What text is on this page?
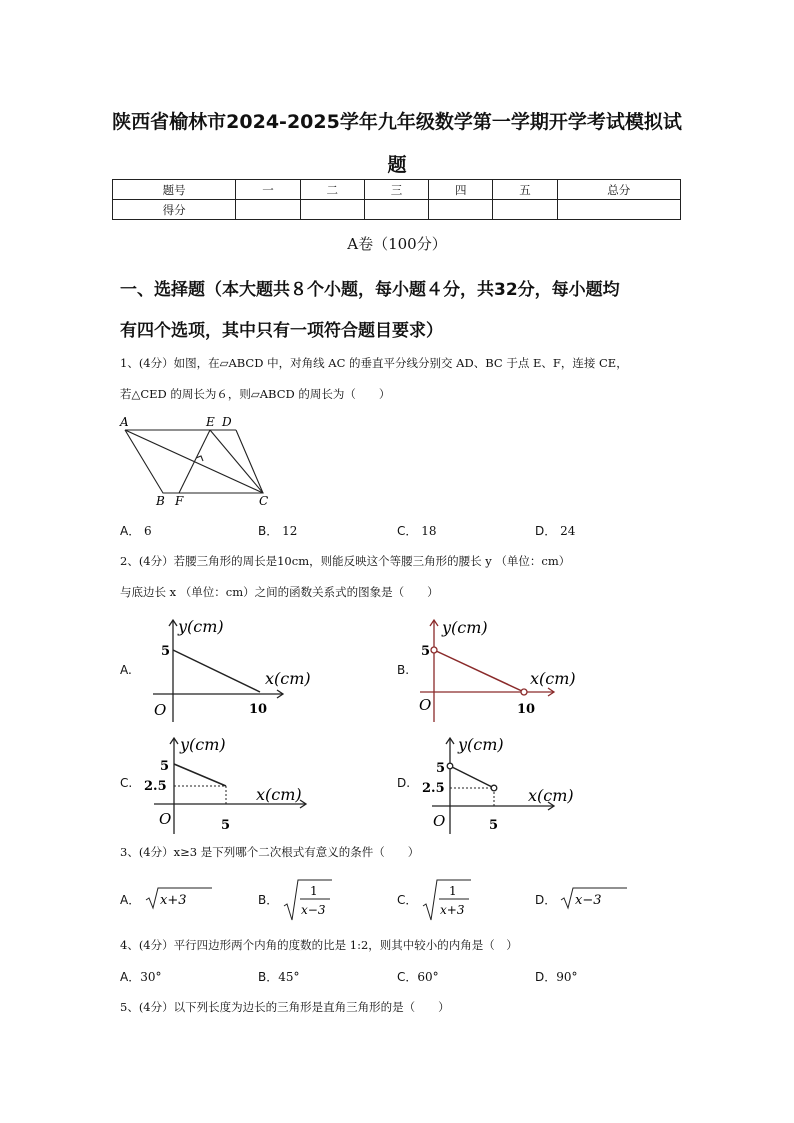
陕西省榆林市2024-2025学年九年级数学第一学期开学考试模拟试
题
题号	一	二	三	四	五	总分
得分						
A卷（100分）
一、选择题（本大题共８个小题，每小题４分，共32分，每小题均
有四个选项，其中只有一项符合题目要求）
1、(4分）如图，在▱ABCD 中，对角线 AC 的垂直平分线分别交 AD、BC 于点 E、F，连接 CE，
若△CED 的周长为６，则▱ABCD 的周长为（　　）
A	E D
B F	C
A． 6	B． 12	C． 18	D． 24
2、(4分）若腰三角形的周长是10cm，则能反映这个等腰三角形的腰长 y （单位：cm）
与底边长 x （单位：cm）之间的函数关系式的图象是（　　）
A.
y(cm)
5
x(cm)
O	10
B.
y(cm)
5
x(cm)
O	10
C.
y(cm)
5
2.5	x(cm)
O	5
D.
y(cm)
5
2.5	x(cm)
O	5
3、(4分）x≥3 是下列哪个二次根式有意义的条件（　　）
A． x+3	B．
1
x−3
C．
1
x+3
D． x−3
4、(4分）平行四边形两个内角的度数的比是 1:2，则其中较小的内角是（　）
A．30°	B．45°	C．60°	D．90°
5、(4分）以下列长度为边长的三角形是直角三角形的是（　　）
